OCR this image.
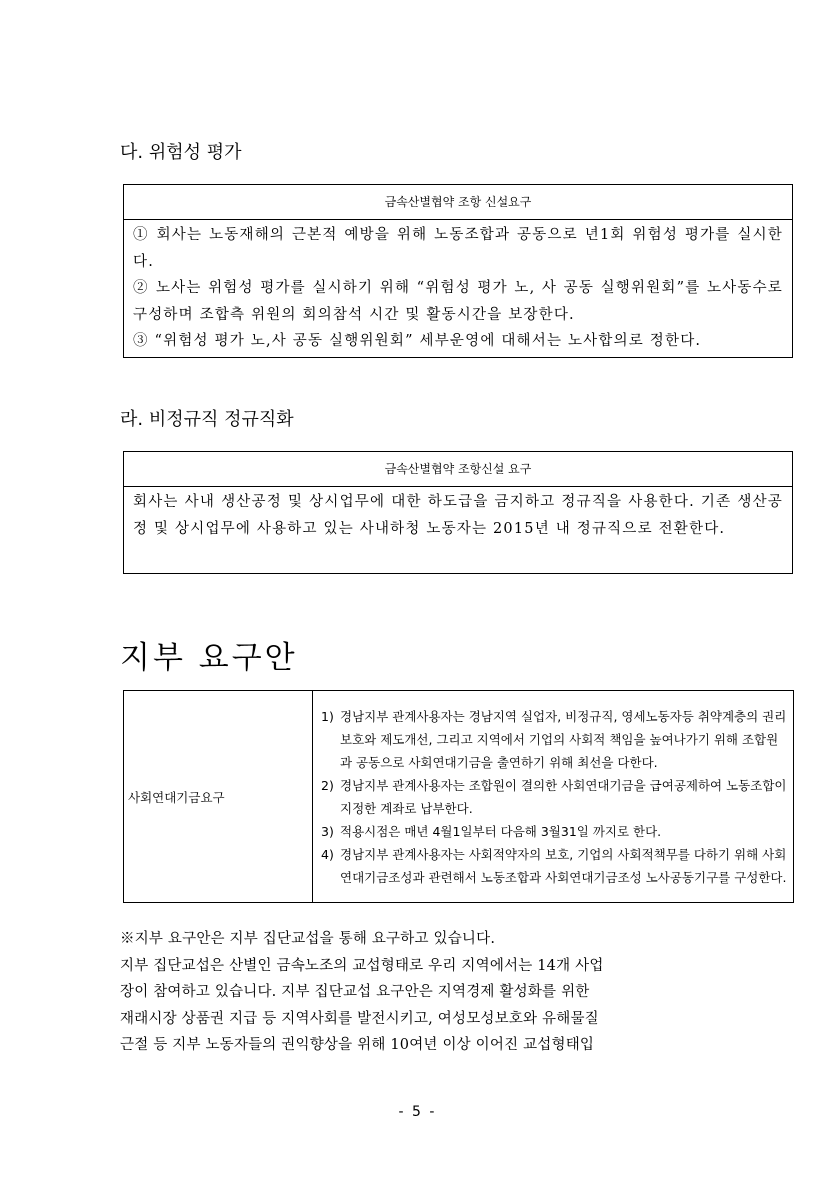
다. 위험성 평가
금속산별협약 조항 신설요구

① 회사는 노동재해의 근본적 예방을 위해 노동조합과 공동으로 년1회 위험성 평가를 실시한다.

② 노사는 위험성 평가를 실시하기 위해 “위험성 평가 노, 사 공동 실행위원회”를 노사동수로 구성하며 조합측 위원의 회의참석 시간 및 활동시간을 보장한다.

③ “위험성 평가 노,사 공동 실행위원회” 세부운영에 대해서는 노사합의로 정한다.

라. 비정규직 정규직화
금속산별협약 조항신설 요구

회사는 사내 생산공정 및 상시업무에 대한 하도급을 금지하고 정규직을 사용한다. 기존 생산공정 및 상시업무에 사용하고 있는 사내하청 노동자는 2015년 내 정규직으로 전환한다.

지부 요구안
사회연대기금요구	
1) 경남지부 관계사용자는 경남지역 실업자, 비정규직, 영세노동자등 취약계층의 권리보호와 제도개선, 그리고 지역에서 기업의 사회적 책임을 높여나가기 위해 조합원과 공동으로 사회연대기금을 출연하기 위해 최선을 다한다.
2) 경남지부 관계사용자는 조합원이 결의한 사회연대기금을 급여공제하여 노동조합이 지정한 계좌로 납부한다.
3) 적용시점은 매년 4월1일부터 다음해 3월31일 까지로 한다.
4) 경남지부 관계사용자는 사회적약자의 보호, 기업의 사회적책무를 다하기 위해 사회연대기금조성과 관련해서 노동조합과 사회연대기금조성 노사공동기구를 구성한다.

※지부 요구안은 지부 집단교섭을 통해 요구하고 있습니다.

지부 집단교섭은 산별인 금속노조의 교섭형태로 우리 지역에서는 14개 사업

장이 참여하고 있습니다. 지부 집단교섭 요구안은 지역경제 활성화를 위한

재래시장 상품권 지급 등 지역사회를 발전시키고, 여성모성보호와 유해물질

근절 등 지부 노동자들의 권익향상을 위해 10여년 이상 이어진 교섭형태입

- 5 -
